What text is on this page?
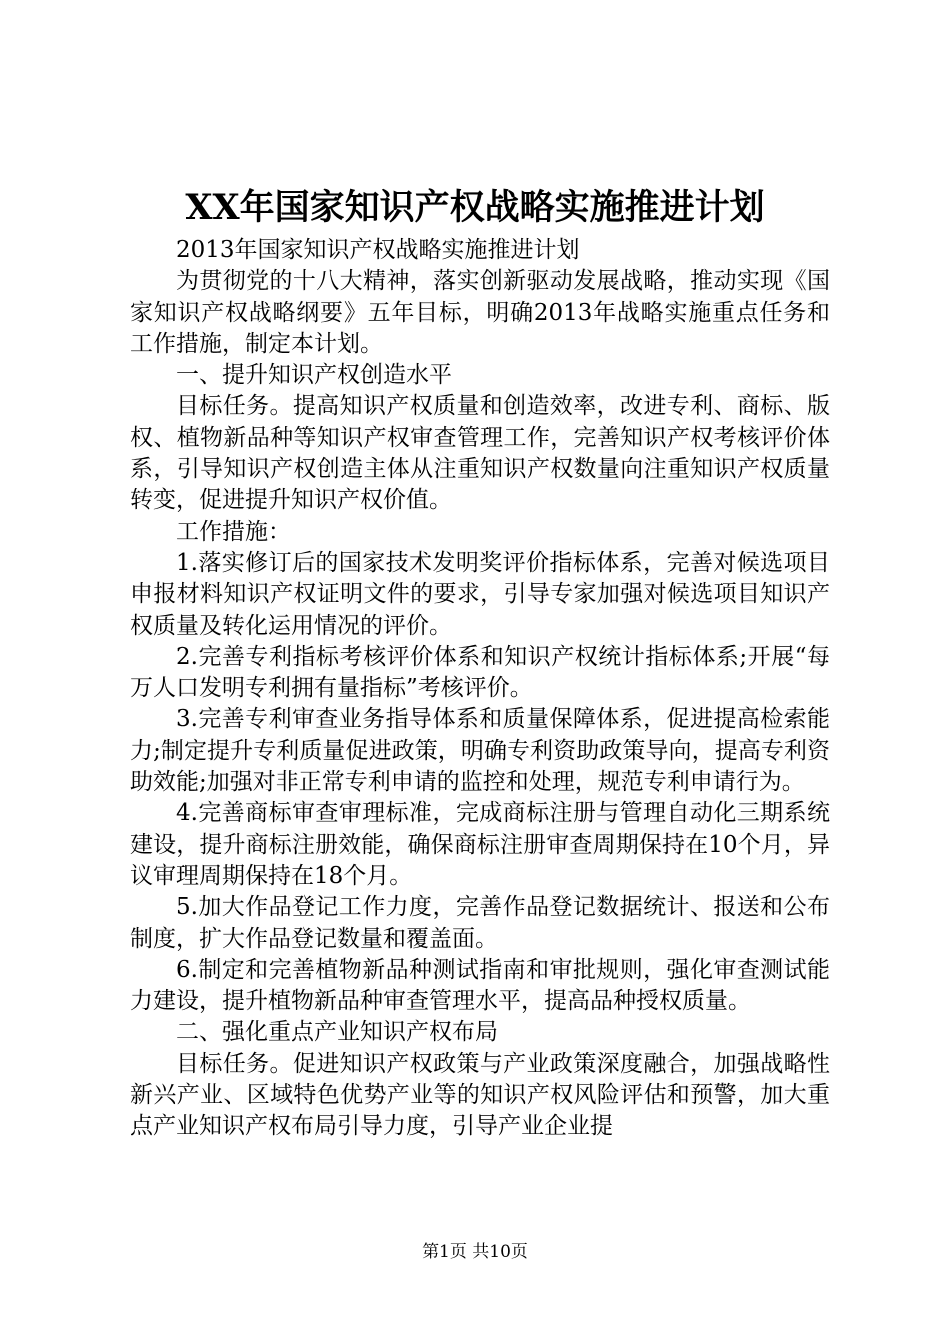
XX年国家知识产权战略实施推进计划

2013年国家知识产权战略实施推进计划

为贯彻党的十八大精神，落实创新驱动发展战略，推动实现《国家知识产权战略纲要》五年目标，明确2013年战略实施重点任务和工作措施，制定本计划。

一、提升知识产权创造水平

目标任务。提高知识产权质量和创造效率，改进专利、商标、版权、植物新品种等知识产权审查管理工作，完善知识产权考核评价体系，引导知识产权创造主体从注重知识产权数量向注重知识产权质量转变，促进提升知识产权价值。

工作措施：

1.落实修订后的国家技术发明奖评价指标体系，完善对候选项目申报材料知识产权证明文件的要求，引导专家加强对候选项目知识产权质量及转化运用情况的评价。

2.完善专利指标考核评价体系和知识产权统计指标体系;开展“每万人口发明专利拥有量指标”考核评价。

3.完善专利审查业务指导体系和质量保障体系，促进提高检索能力;制定提升专利质量促进政策，明确专利资助政策导向，提高专利资助效能;加强对非正常专利申请的监控和处理，规范专利申请行为。

4.完善商标审查审理标准，完成商标注册与管理自动化三期系统建设，提升商标注册效能，确保商标注册审查周期保持在10个月，异议审理周期保持在18个月。

5.加大作品登记工作力度，完善作品登记数据统计、报送和公布制度，扩大作品登记数量和覆盖面。

6.制定和完善植物新品种测试指南和审批规则，强化审查测试能力建设，提升植物新品种审查管理水平，提高品种授权质量。

二、强化重点产业知识产权布局

目标任务。促进知识产权政策与产业政策深度融合，加强战略性新兴产业、区域特色优势产业等的知识产权风险评估和预警，加大重点产业知识产权布局引导力度，引导产业企业提

第1页 共10页
